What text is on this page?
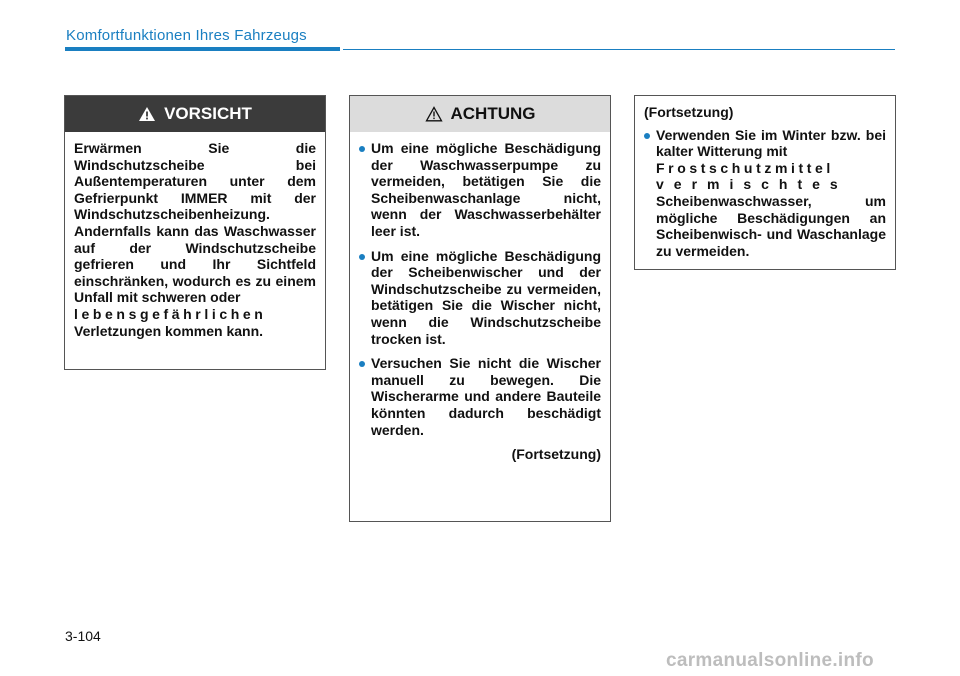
Komfortfunktionen Ihres Fahrzeugs
VORSICHT
Erwärmen Sie die Windschutzscheibe bei Außentemperaturen unter dem Gefrierpunkt IMMER mit der Windschutzscheibenheizung. Andernfalls kann das Waschwasser auf der Windschutzscheibe gefrieren und Ihr Sichtfeld einschränken, wodurch es zu einem Unfall mit schweren oder
lebensgefährlichen
Verletzungen kommen kann.
ACHTUNG
Um eine mögliche Beschädigung der Waschwasserpumpe zu vermeiden, betätigen Sie die Scheibenwaschanlage nicht, wenn der Waschwasserbehälter leer ist.
Um eine mögliche Beschädigung der Scheibenwischer und der Windschutzscheibe zu vermeiden, betätigen Sie die Wischer nicht, wenn die Windschutzscheibe trocken ist.
Versuchen Sie nicht die Wischer manuell zu bewegen. Die Wischerarme und andere Bauteile könnten dadurch beschädigt werden.
(Fortsetzung)
(Fortsetzung)
Verwenden Sie im Winter bzw. bei kalter Witterung mit
Frostschutzmittel
vermischtes
Scheibenwaschwasser, um mögliche Beschädigungen an Scheibenwisch- und Waschanlage zu vermeiden.
3-104
carmanualsonline.info
